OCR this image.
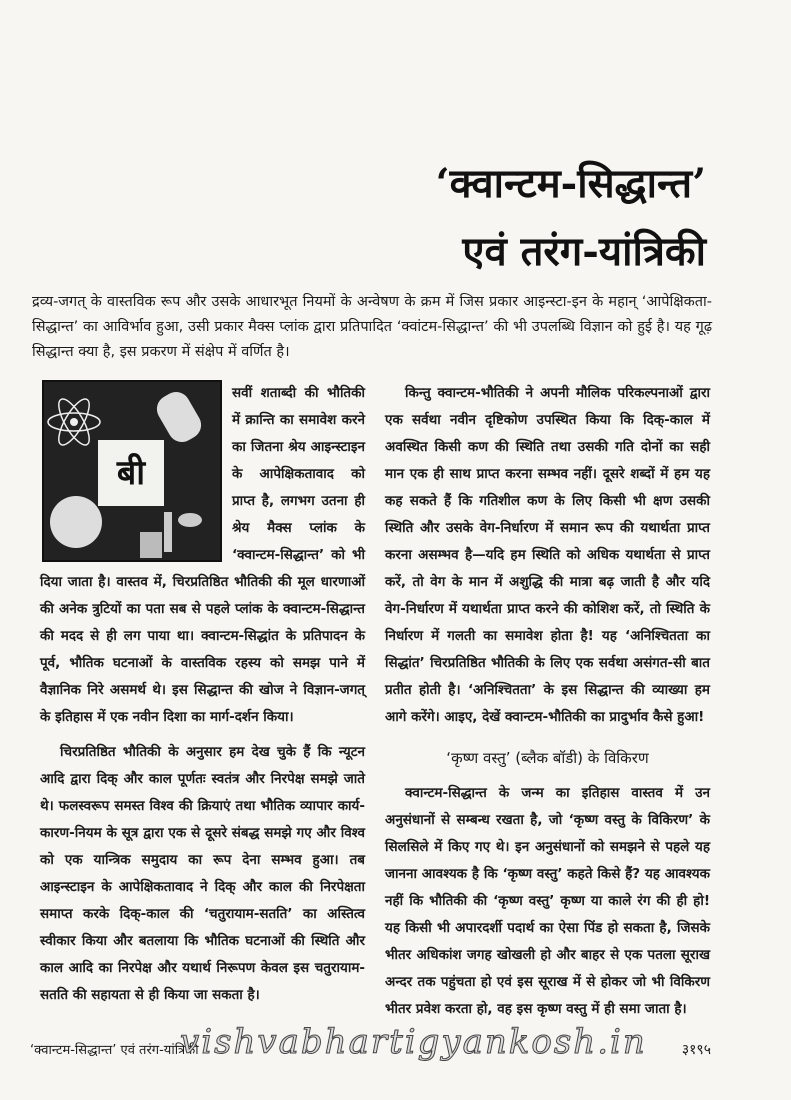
‘क्वान्टम-सिद्धान्त’
एवं तरंग-यांत्रिकी
द्रव्य-जगत् के वास्तविक रूप और उसके आधारभूत नियमों के अन्वेषण के क्रम में जिस प्रकार आइन्स्टा-इन के महान् ‘आपेक्षिकता-सिद्धान्त’ का आविर्भाव हुआ, उसी प्रकार मैक्स प्लांक द्वारा प्रतिपादित ‘क्वांटम-सिद्धान्त’ की भी उपलब्धि विज्ञान को हुई है। यह गूढ़ सिद्धान्त क्या है, इस प्रकरण में संक्षेप में वर्णित है।
बी

सवीं शताब्दी की भौतिकी में क्रान्ति का समावेश करने का जितना श्रेय आइन्स्टाइन के आपेक्षिकतावाद को प्राप्त है, लगभग उतना ही श्रेय मैक्स प्लांक के ‘क्वान्टम-सिद्धान्त’ को भी दिया जाता है। वास्तव में, चिरप्रतिष्ठित भौतिकी की मूल धारणाओं की अनेक त्रुटियों का पता सब से पहले प्लांक के क्वान्टम-सिद्धान्त की मदद से ही लग पाया था। क्वान्टम-सिद्धांत के प्रतिपादन के पूर्व, भौतिक घटनाओं के वास्तविक रहस्य को समझ पाने में वैज्ञानिक निरे असमर्थ थे। इस सिद्धान्त की खोज ने विज्ञान-जगत् के इतिहास में एक नवीन दिशा का मार्ग-दर्शन किया।

चिरप्रतिष्ठित भौतिकी के अनुसार हम देख चुके हैं कि न्यूटन आदि द्वारा दिक् और काल पूर्णतः स्वतंत्र और निरपेक्ष समझे जाते थे। फलस्वरूप समस्त विश्व की क्रियाएं तथा भौतिक व्यापार कार्य-कारण-नियम के सूत्र द्वारा एक से दूसरे संबद्ध समझे गए और विश्व को एक यान्त्रिक समुदाय का रूप देना सम्भव हुआ। तब आइन्स्टाइन के आपेक्षिकतावाद ने दिक् और काल की निरपेक्षता समाप्त करके दिक्-काल की ‘चतुरायाम-सतति’ का अस्तित्व स्वीकार किया और बतलाया कि भौतिक घटनाओं की स्थिति और काल आदि का निरपेक्ष और यथार्थ निरूपण केवल इस चतुरायाम-सतति की सहायता से ही किया जा सकता है।

किन्तु क्वान्टम-भौतिकी ने अपनी मौलिक परिकल्पनाओं द्वारा एक सर्वथा नवीन दृष्टिकोण उपस्थित किया कि दिक्-काल में अवस्थित किसी कण की स्थिति तथा उसकी गति दोनों का सही मान एक ही साथ प्राप्त करना सम्भव नहीं। दूसरे शब्दों में हम यह कह सकते हैं कि गतिशील कण के लिए किसी भी क्षण उसकी स्थिति और उसके वेग-निर्धारण में समान रूप की यथार्थता प्राप्त करना असम्भव है—यदि हम स्थिति को अधिक यथार्थता से प्राप्त करें, तो वेग के मान में अशुद्धि की मात्रा बढ़ जाती है और यदि वेग-निर्धारण में यथार्थता प्राप्त करने की कोशिश करें, तो स्थिति के निर्धारण में गलती का समावेश होता है! यह ‘अनिश्चितता का सिद्धांत’ चिरप्रतिष्ठित भौतिकी के लिए एक सर्वथा असंगत-सी बात प्रतीत होती है। ‘अनिश्चितता’ के इस सिद्धान्त की व्याख्या हम आगे करेंगे। आइए, देखें क्वान्टम-भौतिकी का प्रादुर्भाव कैसे हुआ!

‘कृष्ण वस्तु’ (ब्लैक बॉडी) के विकिरण

क्वान्टम-सिद्धान्त के जन्म का इतिहास वास्तव में उन अनुसंधानों से सम्बन्ध रखता है, जो ‘कृष्ण वस्तु के विकिरण’ के सिलसिले में किए गए थे। इन अनुसंधानों को समझने से पहले यह जानना आवश्यक है कि ‘कृष्ण वस्तु’ कहते किसे हैं? यह आवश्यक नहीं कि भौतिकी की ‘कृष्ण वस्तु’ कृष्ण या काले रंग की ही हो! यह किसी भी अपारदर्शी पदार्थ का ऐसा पिंड हो सकता है, जिसके भीतर अधिकांश जगह खोखली हो और बाहर से एक पतला सूराख अन्दर तक पहुंचता हो एवं इस सूराख में से होकर जो भी विकिरण भीतर प्रवेश करता हो, वह इस कृष्ण वस्तु में ही समा जाता है।

‘क्वान्टम-सिद्धान्त’ एवं तरंग-यांत्रिकी	३१९५
vishvabhartigyankosh.in
